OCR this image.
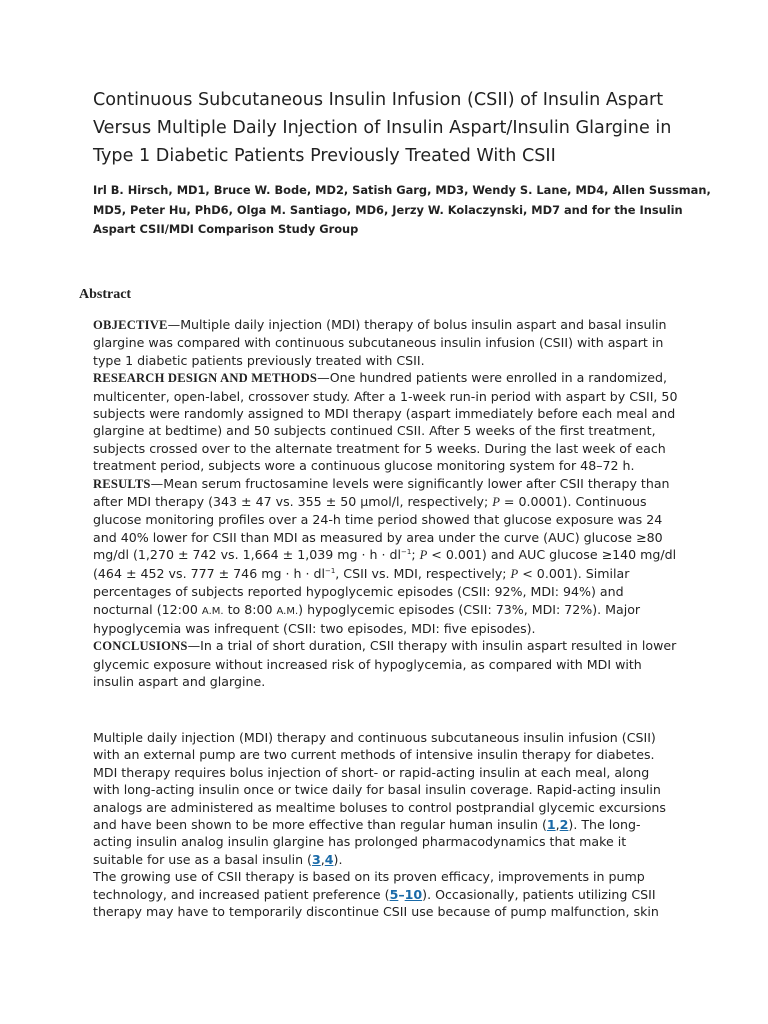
Continuous Subcutaneous Insulin Infusion (CSII) of Insulin Aspart Versus Multiple Daily Injection of Insulin Aspart/Insulin Glargine in Type 1 Diabetic Patients Previously Treated With CSII

Irl B. Hirsch, MD1, Bruce W. Bode, MD2, Satish Garg, MD3, Wendy S. Lane, MD4, Allen Sussman, MD5, Peter Hu, PhD6, Olga M. Santiago, MD6, Jerzy W. Kolaczynski, MD7 and for the Insulin Aspart CSII/MDI Comparison Study Group

Abstract

OBJECTIVE—Multiple daily injection (MDI) therapy of bolus insulin aspart and basal insulin glargine was compared with continuous subcutaneous insulin infusion (CSII) with aspart in type 1 diabetic patients previously treated with CSII.

RESEARCH DESIGN AND METHODS—One hundred patients were enrolled in a randomized, multicenter, open-label, crossover study. After a 1-week run-in period with aspart by CSII, 50 subjects were randomly assigned to MDI therapy (aspart immediately before each meal and glargine at bedtime) and 50 subjects continued CSII. After 5 weeks of the first treatment, subjects crossed over to the alternate treatment for 5 weeks. During the last week of each treatment period, subjects wore a continuous glucose monitoring system for 48–72 h.

RESULTS—Mean serum fructosamine levels were significantly lower after CSII therapy than after MDI therapy (343 ± 47 vs. 355 ± 50 μmol/l, respectively; P = 0.0001). Continuous glucose monitoring profiles over a 24-h time period showed that glucose exposure was 24 and 40% lower for CSII than MDI as measured by area under the curve (AUC) glucose ≥80 mg/dl (1,270 ± 742 vs. 1,664 ± 1,039 mg · $h \cdot dl^{-1}$; P < 0.001) and AUC glucose ≥140 mg/dl (464 ± 452 vs. 777 ± 746 mg · $h \cdot dl^{-1}$, CSII vs. MDI, respectively; P < 0.001). Similar percentages of subjects reported hypoglycemic episodes (CSII: 92%, MDI: 94%) and nocturnal (12:00 A.M. to 8:00 A.M.) hypoglycemic episodes (CSII: 73%, MDI: 72%). Major hypoglycemia was infrequent (CSII: two episodes, MDI: five episodes).

CONCLUSIONS—In a trial of short duration, CSII therapy with insulin aspart resulted in lower glycemic exposure without increased risk of hypoglycemia, as compared with MDI with insulin aspart and glargine.

Multiple daily injection (MDI) therapy and continuous subcutaneous insulin infusion (CSII) with an external pump are two current methods of intensive insulin therapy for diabetes. MDI therapy requires bolus injection of short- or rapid-acting insulin at each meal, along with long-acting insulin once or twice daily for basal insulin coverage. Rapid-acting insulin analogs are administered as mealtime boluses to control postprandial glycemic excursions and have been shown to be more effective than regular human insulin (1,2). The long-acting insulin analog insulin glargine has prolonged pharmacodynamics that make it suitable for use as a basal insulin (3,4).

The growing use of CSII therapy is based on its proven efficacy, improvements in pump technology, and increased patient preference (5–10). Occasionally, patients utilizing CSII therapy may have to temporarily discontinue CSII use because of pump malfunction, skin
